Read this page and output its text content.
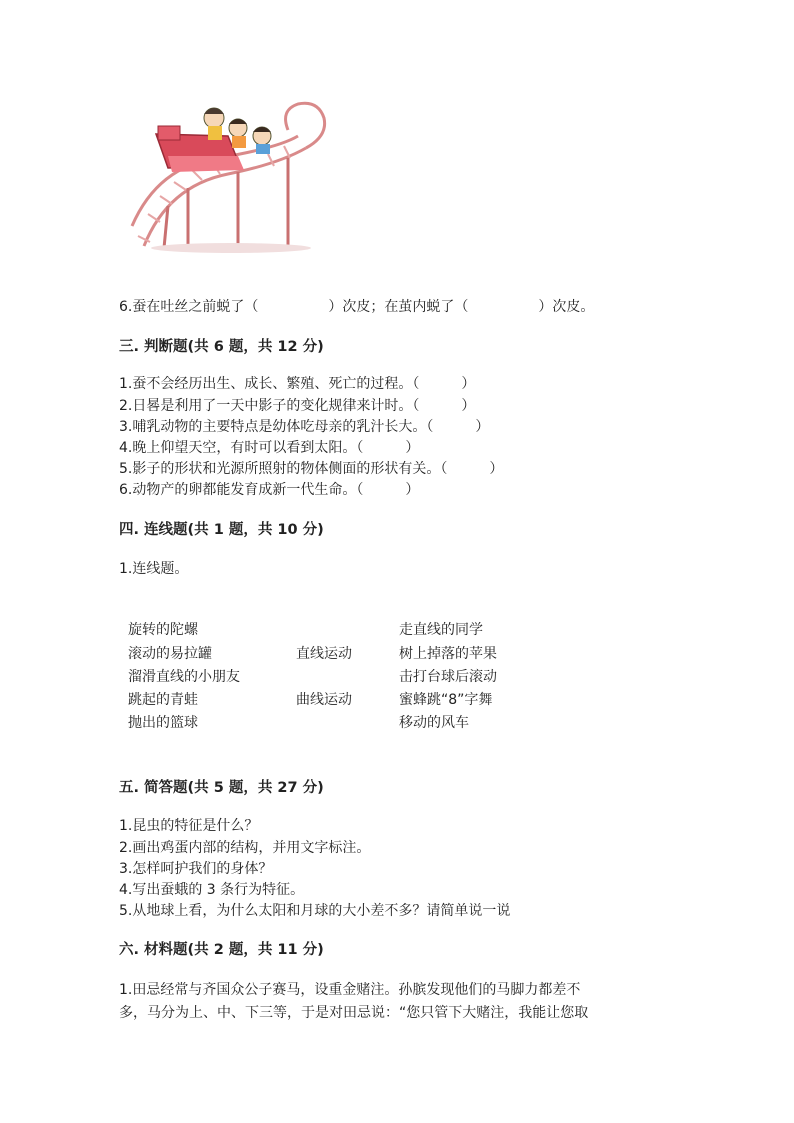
6.蚕在吐丝之前蜕了（　　　　　）次皮；在茧内蜕了（　　　　　）次皮。
三. 判断题(共 6 题，共 12 分)
1.蚕不会经历出生、成长、繁殖、死亡的过程。（　　　）
2.日晷是利用了一天中影子的变化规律来计时。（　　　）
3.哺乳动物的主要特点是幼体吃母亲的乳汁长大。（　　　）
4.晚上仰望天空，有时可以看到太阳。（　　　）
5.影子的形状和光源所照射的物体侧面的形状有关。（　　　）
6.动物产的卵都能发育成新一代生命。（　　　）
四. 连线题(共 1 题，共 10 分)
1.连线题。
旋转的陀螺
滚动的易拉罐
溜滑直线的小朋友
跳起的青蛙
抛出的篮球
直线运动
曲线运动
走直线的同学
树上掉落的苹果
击打台球后滚动
蜜蜂跳“8”字舞
移动的风车
五. 简答题(共 5 题，共 27 分)
1.昆虫的特征是什么？
2.画出鸡蛋内部的结构，并用文字标注。
3.怎样呵护我们的身体？
4.写出蚕蛾的 3 条行为特征。
5.从地球上看，为什么太阳和月球的大小差不多？请简单说一说
六. 材料题(共 2 题，共 11 分)
1.田忌经常与齐国众公子赛马，设重金赌注。孙膑发现他们的马脚力都差不
多，马分为上、中、下三等，于是对田忌说：“您只管下大赌注，我能让您取
